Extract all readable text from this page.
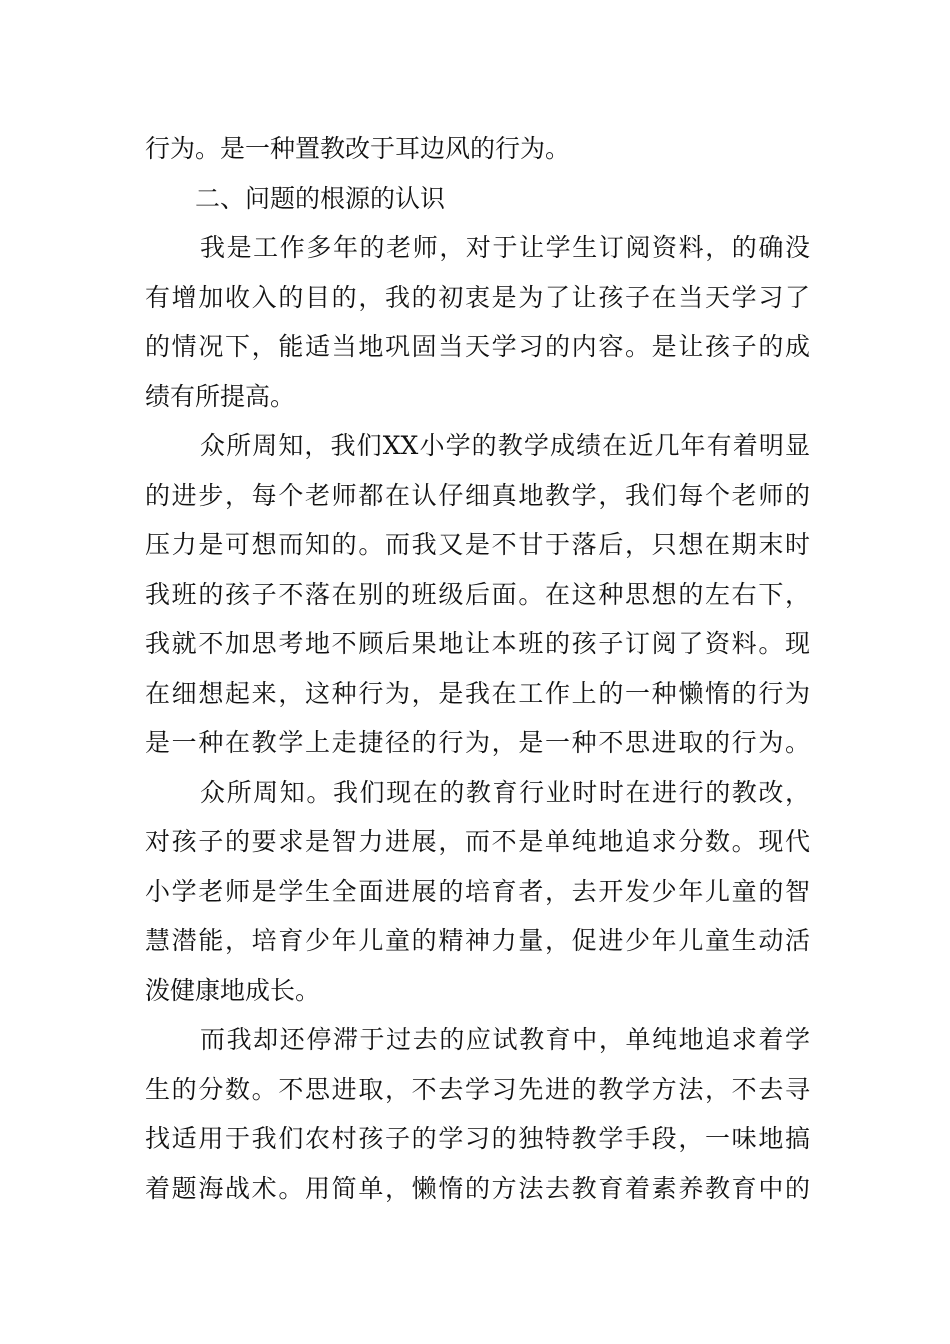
行为。是一种置教改于耳边风的行为。
二、问题的根源的认识
我是工作多年的老师，对于让学生订阅资料，的确没
有增加收入的目的，我的初衷是为了让孩子在当天学习了
的情况下，能适当地巩固当天学习的内容。是让孩子的成
绩有所提高。
众所周知，我们XX小学的教学成绩在近几年有着明显
的进步，每个老师都在认仔细真地教学，我们每个老师的
压力是可想而知的。而我又是不甘于落后，只想在期末时
我班的孩子不落在别的班级后面。在这种思想的左右下，
我就不加思考地不顾后果地让本班的孩子订阅了资料。现
在细想起来，这种行为，是我在工作上的一种懒惰的行为
是一种在教学上走捷径的行为，是一种不思进取的行为。
众所周知。我们现在的教育行业时时在进行的教改，
对孩子的要求是智力进展，而不是单纯地追求分数。现代
小学老师是学生全面进展的培育者，去开发少年儿童的智
慧潜能，培育少年儿童的精神力量，促进少年儿童生动活
泼健康地成长。
而我却还停滞于过去的应试教育中，单纯地追求着学
生的分数。不思进取，不去学习先进的教学方法，不去寻
找适用于我们农村孩子的学习的独特教学手段，一味地搞
着题海战术。用简单，懒惰的方法去教育着素养教育中的
